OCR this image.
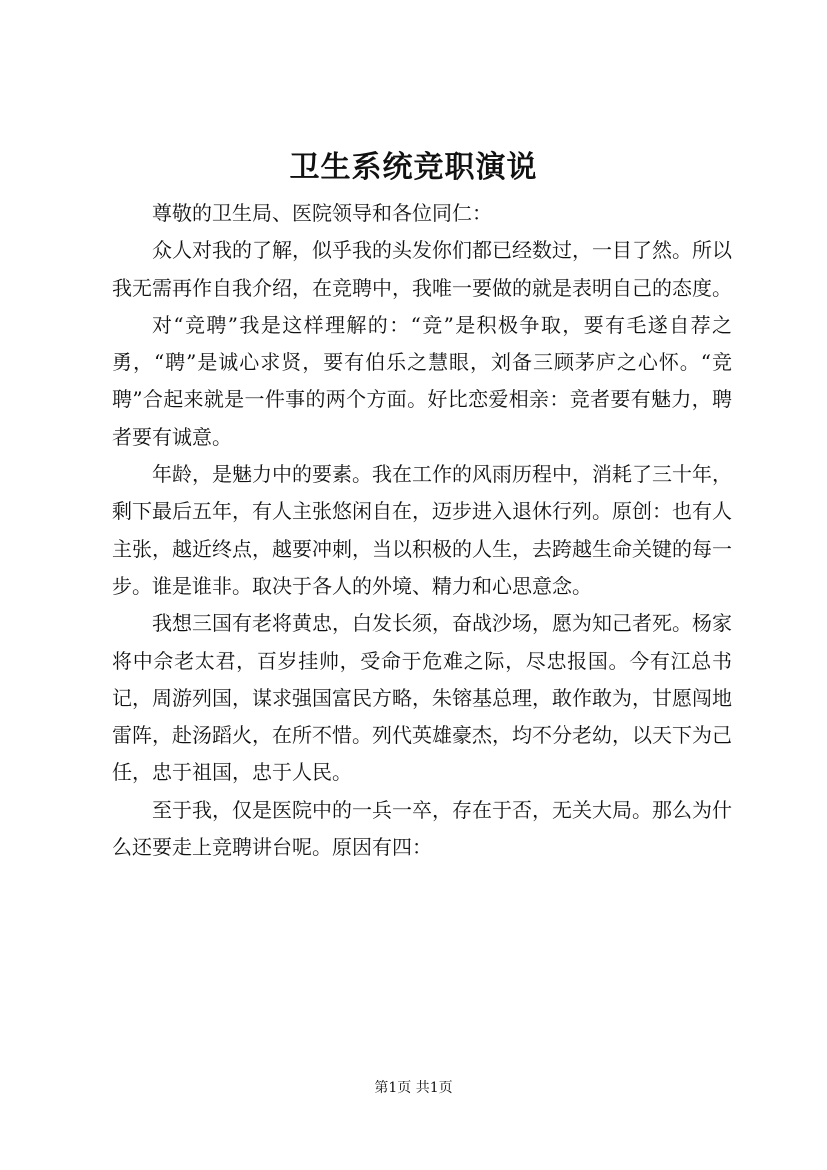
卫生系统竞职演说

尊敬的卫生局、医院领导和各位同仁：

众人对我的了解，似乎我的头发你们都已经数过，一目了然。所以我无需再作自我介绍，在竞聘中，我唯一要做的就是表明自己的态度。

对“竞聘”我是这样理解的：“竞”是积极争取，要有毛遂自荐之勇，“聘”是诚心求贤，要有伯乐之慧眼，刘备三顾茅庐之心怀。“竞聘”合起来就是一件事的两个方面。好比恋爱相亲：竞者要有魅力，聘者要有诚意。

年龄，是魅力中的要素。我在工作的风雨历程中，消耗了三十年，剩下最后五年，有人主张悠闲自在，迈步进入退休行列。原创：也有人主张，越近终点，越要冲刺，当以积极的人生，去跨越生命关键的每一步。谁是谁非。取决于各人的外境、精力和心思意念。

我想三国有老将黄忠，白发长须，奋战沙场，愿为知己者死。杨家将中佘老太君，百岁挂帅，受命于危难之际，尽忠报国。今有江总书记，周游列国，谋求强国富民方略，朱镕基总理，敢作敢为，甘愿闯地雷阵，赴汤蹈火，在所不惜。列代英雄豪杰，均不分老幼，以天下为己任，忠于祖国，忠于人民。

至于我，仅是医院中的一兵一卒，存在于否，无关大局。那么为什么还要走上竞聘讲台呢。原因有四：

第1页 共1页
